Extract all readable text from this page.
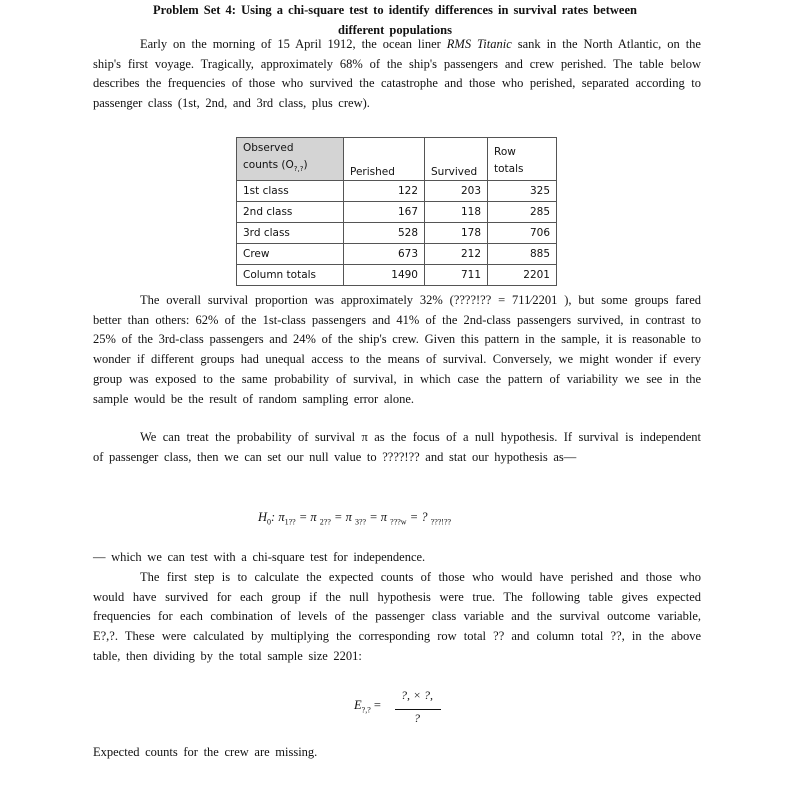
Problem Set 4: Using a chi-square test to identify differences in survival rates between
different populations

Early on the morning of 15 April 1912, the ocean liner RMS Titanic sank in the North Atlantic, on the ship's first voyage. Tragically, approximately 68% of the ship's passengers and crew perished. The table below describes the frequencies of those who survived the catastrophe and those who perished, separated according to passenger class (1st, 2nd, and 3rd class, plus crew).

Observed
counts $(O_{?,?})$	Perished	Survived	Row
totals
1st class	122	203	325
2nd class	167	118	285
3rd class	528	178	706
Crew	673	212	885
Column totals	1490	711	2201

The overall survival proportion was approximately 32% (????!?? = 711⁄2201 ), but some groups fared better than others: 62% of the 1st-class passengers and 41% of the 2nd-class passengers survived, in contrast to 25% of the 3rd-class passengers and 24% of the ship's crew. Given this pattern in the sample, it is reasonable to wonder if different groups had unequal access to the means of survival. Conversely, we might wonder if every group was exposed to the same probability of survival, in which case the pattern of variability we see in the sample would be the result of random sampling error alone.

We can treat the probability of survival π as the focus of a null hypothesis. If survival is independent of passenger class, then we can set our null value to ????!?? and stat our hypothesis as—

$H_0$: $\pi_{1??} = \pi$ $_{2??}$ = π $_{3??}$ = π $_{???w}$ = ? $_{???!??}$

— which we can test with a chi-square test for independence.

The first step is to calculate the expected counts of those who would have perished and those who would have survived for each group if the null hypothesis were true. The following table gives expected frequencies for each combination of levels of the passenger class variable and the survival outcome variable, E?,?. These were calculated by multiplying the corresponding row total ?? and column total ??, in the above table, then dividing by the total sample size 2201:

$E_{?,?}$ =
?, × ?,
?

Expected counts for the crew are missing.
